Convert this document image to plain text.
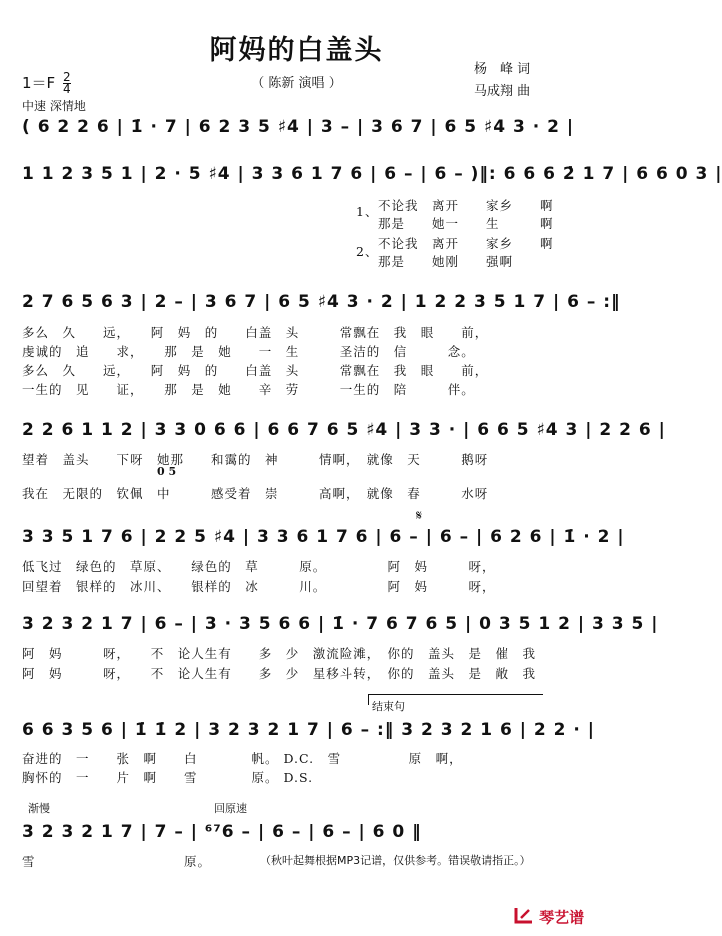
阿妈的白盖头
（ 陈新 演唱 ）
杨　峰 词
马成翔 曲
$1=F \frac{2}{4}$
中速 深情地
( 6 2 2 6 | 1̇ · 7 | 6 2 3 5 ♯4 | 3 – | 3 6 7 | 6 5 ♯4 3 · 2 |
1 1 2 3 5 1 | 2 · 5 ♯4 | 3 3 6 1 7 6 | 6 – | 6 – )‖: 6 6 6 2̇ 1 7 | 6 6 0 3 |
1、 不论我　离开　　家乡　　啊
那是　　她一　　生　　　啊
2、
不论我　离开　　家乡　　啊
那是　　她刚　　强啊
2 7 6 5 6 3 | 2 – | 3 6 7 | 6 5 ♯4 3 · 2 | 1 2 2 3 5 1 7 | 6 – :‖
多么　久　　远，　　阿　妈　的　　白盖　头　　　常飘在　我　眼　　前，
虔诚的　追　　求，　　那　是　她　　一　生　　　圣洁的　信　　　念。
多么　久　　远，　　阿　妈　的　　白盖　头　　　常飘在　我　眼　　前，
一生的　见　　证，　　那　是　她　　辛　劳　　　一生的　陪　　　伴。
2 2 6 1 1 2 | 3 3 0 6 6 | 6 6 7 6 5 ♯4 | 3 3 · | 6 6 5 ♯4 3 | 2 2 6 |
0 5
望着　盖头　　下呀　她那　　和霭的　神　　　情啊，　就像　天　　　鹅呀
我在　无限的　钦佩　中　　　感受着　崇　　　高啊，　就像　春　　　水呀
𝄋
3 3 5 1 7 6 | 2 2 5 ♯4 | 3 3 6 1 7 6 | 6 – | 6 – | 6 2 6 | 1̇ · 2 |
低飞过　绿色的　草原、　　绿色的　草　　　原。　　　　　阿　妈　　　呀，
回望着　银样的　冰川、　　银样的　冰　　　川。　　　　　阿　妈　　　呀，
3 2 3 2 1 7 | 6 – | 3 · 3 5 6 6 | 1̇ · 7 6 7 6 5 | 0 3 5 1 2 | 3 3 5 |
阿　妈　　　呀，　　不　论人生有　　多　少　激流险滩，　你的　盖头　是　催　我
阿　妈　　　呀，　　不　论人生有　　多　少　星移斗转，　你的　盖头　是　敞　我
结束句
6 6 3 5 6 | 1̇ 1̇ 2 | 3 2 3 2 1 7 | 6 – :‖ 3 2 3 2 1 6 | 2 2 · |
奋进的　一　　张　啊　　白　　　　帆。 D.C.　雪　　　　　原　啊，
胸怀的　一　　片　啊　　雪　　　　原。 D.S.
渐慢	回原速
3 2 3 2 1 7 | 7 – | ⁶⁷6 – | 6 – | 6 – | 6 0 ‖
雪　　　　　　　　　　　原。	（秋叶起舞根据MP3记谱，仅供参考。错误敬请指正。）
琴艺谱
